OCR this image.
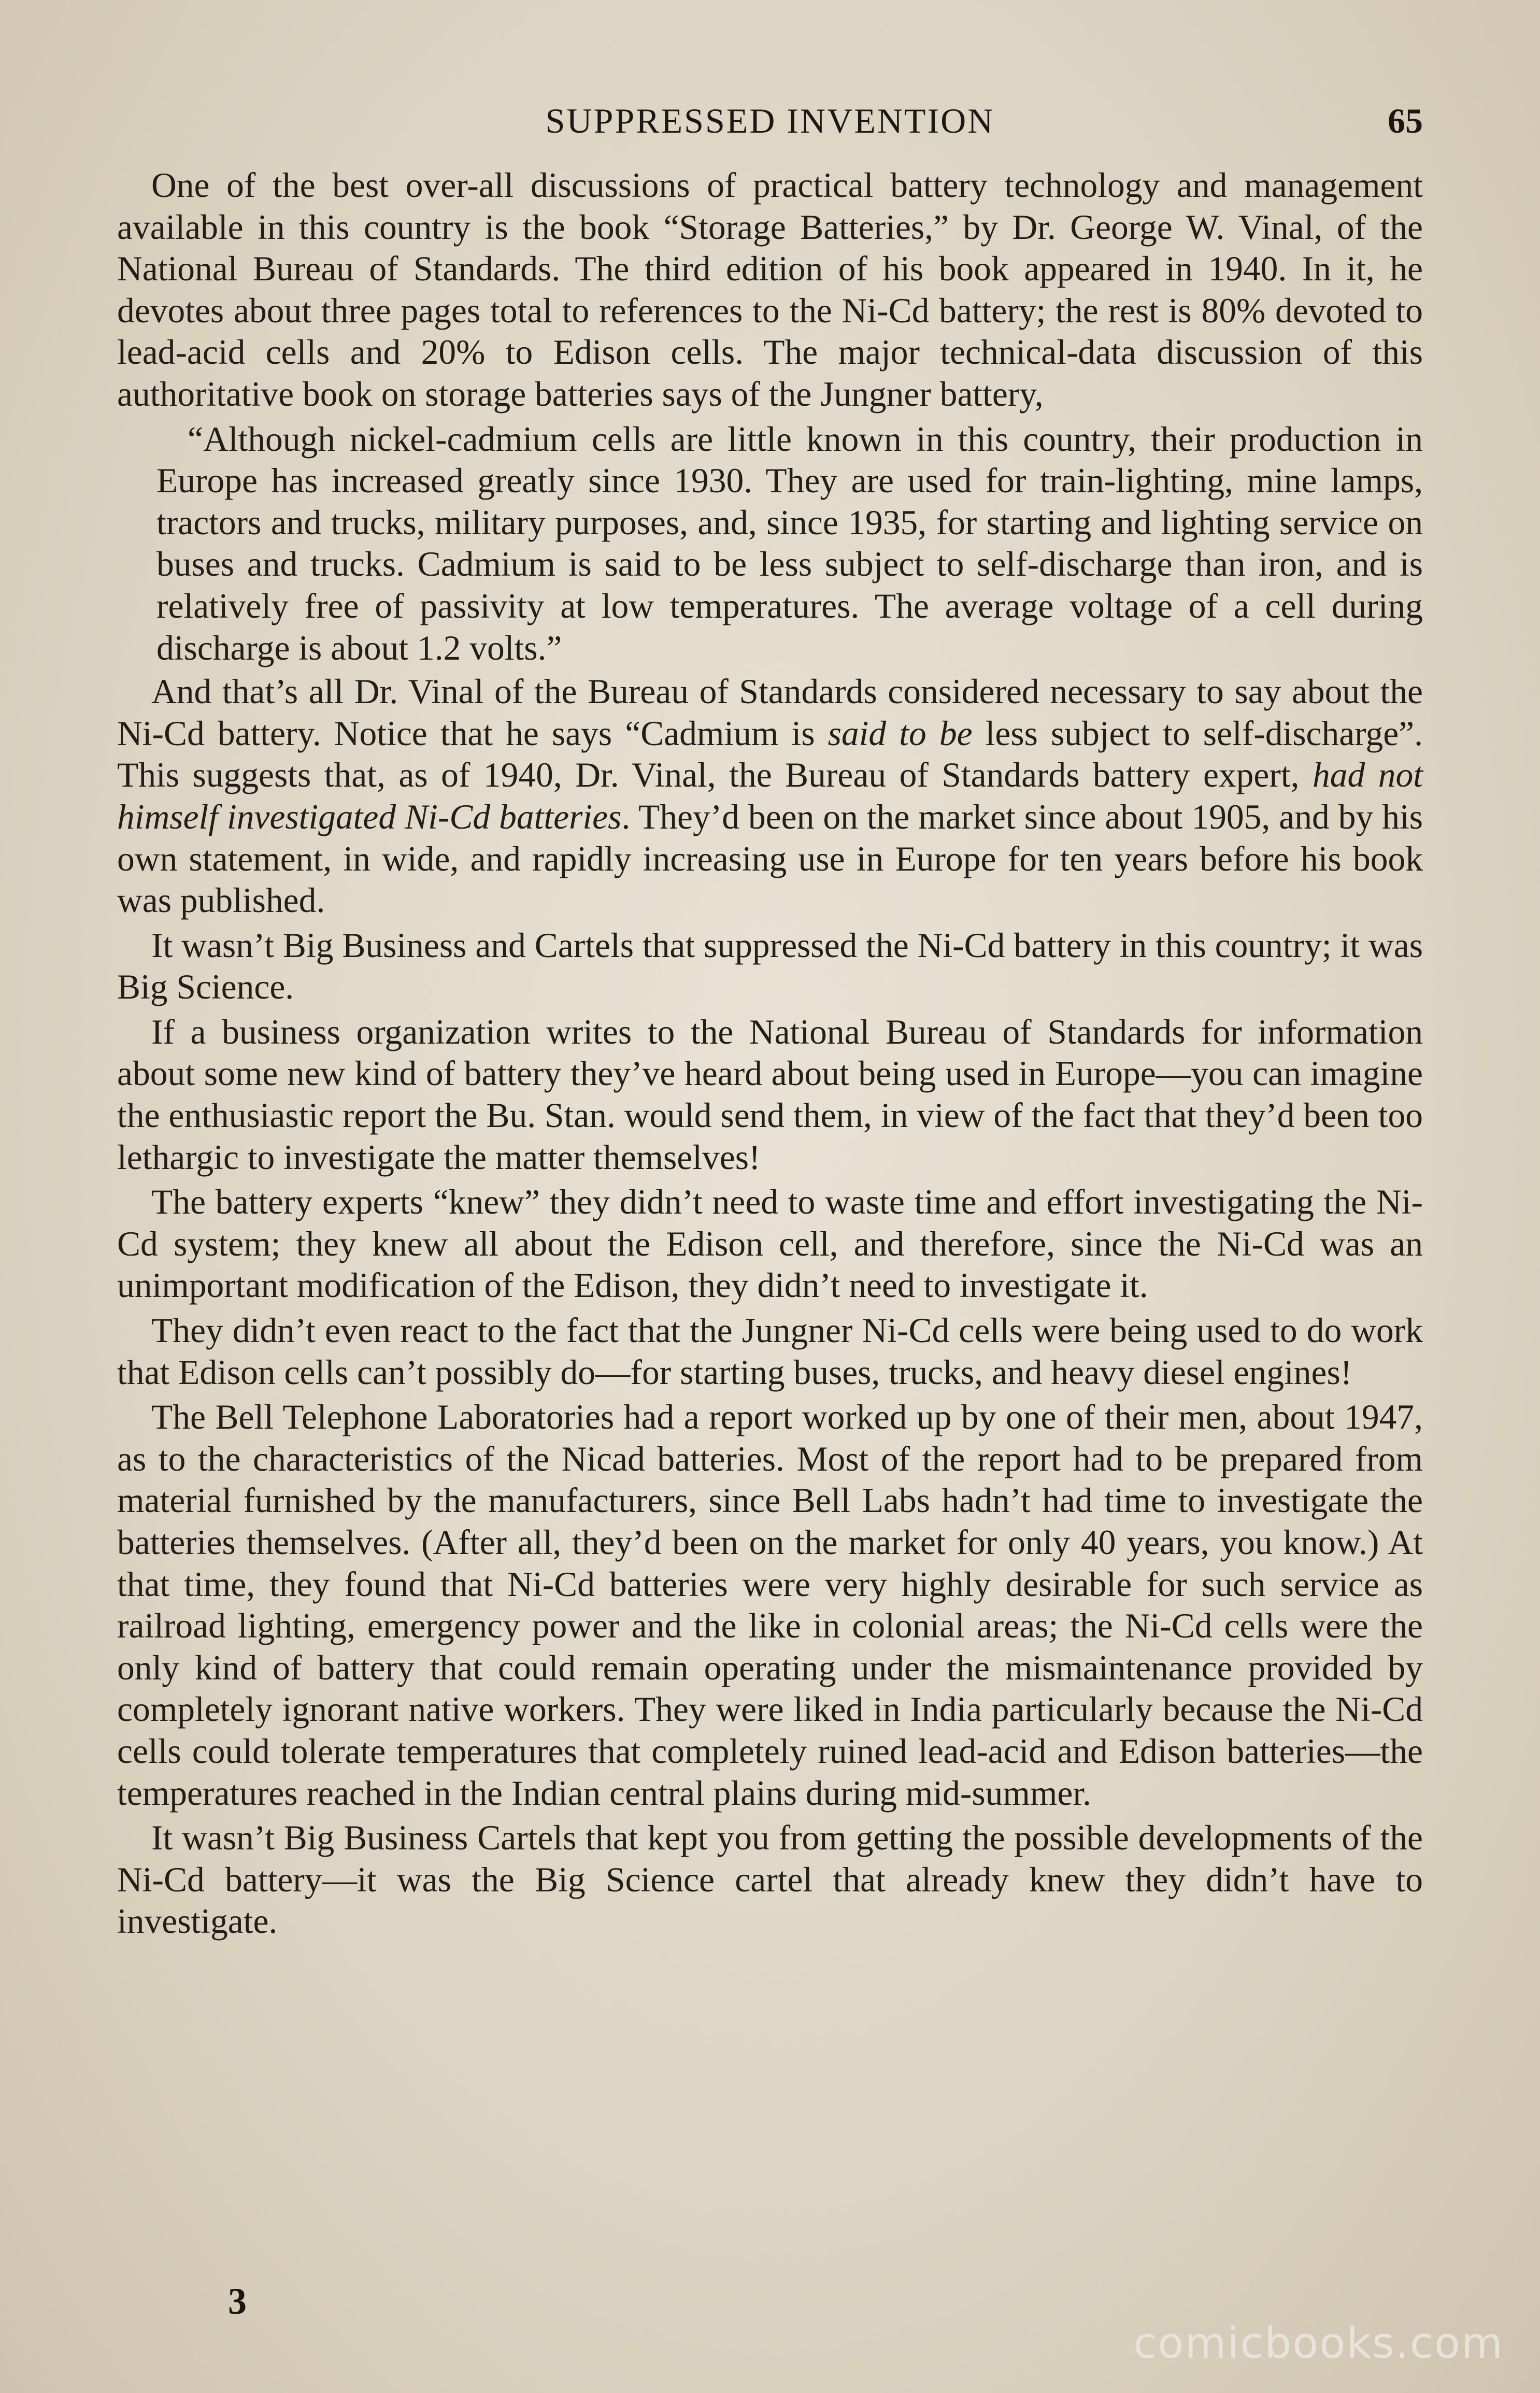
SUPPRESSED INVENTION	65

One of the best over-all discussions of practical battery technology and management available in this country is the book “Storage Batteries,” by Dr. George W. Vinal, of the National Bureau of Standards. The third edition of his book appeared in 1940. In it, he devotes about three pages total to references to the Ni-Cd battery; the rest is 80% devoted to lead-acid cells and 20% to Edison cells. The major technical-data discussion of this authoritative book on storage batteries says of the Jungner battery,

“Although nickel-cadmium cells are little known in this country, their production in Europe has increased greatly since 1930. They are used for train-lighting, mine lamps, tractors and trucks, military purposes, and, since 1935, for starting and lighting service on buses and trucks. Cadmium is said to be less subject to self-discharge than iron, and is relatively free of passivity at low temperatures. The average voltage of a cell during discharge is about 1.2 volts.”

And that’s all Dr. Vinal of the Bureau of Standards considered necessary to say about the Ni-Cd battery. Notice that he says “Cadmium is said to be less subject to self-discharge”. This suggests that, as of 1940, Dr. Vinal, the Bureau of Standards battery expert, had not himself investigated Ni-Cd batteries. They’d been on the market since about 1905, and by his own statement, in wide, and rapidly increasing use in Europe for ten years before his book was published.

It wasn’t Big Business and Cartels that suppressed the Ni-Cd battery in this country; it was Big Science.

If a business organization writes to the National Bureau of Standards for information about some new kind of battery they’ve heard about being used in Europe—you can imagine the enthusiastic report the Bu. Stan. would send them, in view of the fact that they’d been too lethargic to investigate the matter themselves!

The battery experts “knew” they didn’t need to waste time and effort investigating the Ni-Cd system; they knew all about the Edison cell, and therefore, since the Ni-Cd was an unimportant modification of the Edison, they didn’t need to investigate it.

They didn’t even react to the fact that the Jungner Ni-Cd cells were being used to do work that Edison cells can’t possibly do—for starting buses, trucks, and heavy diesel engines!

The Bell Telephone Laboratories had a report worked up by one of their men, about 1947, as to the characteristics of the Nicad batteries. Most of the report had to be prepared from material furnished by the manufacturers, since Bell Labs hadn’t had time to investigate the batteries themselves. (After all, they’d been on the market for only 40 years, you know.) At that time, they found that Ni-Cd batteries were very highly desirable for such service as railroad lighting, emergency power and the like in colonial areas; the Ni-Cd cells were the only kind of battery that could remain operating under the mismaintenance provided by completely ignorant native workers. They were liked in India particularly because the Ni-Cd cells could tolerate temperatures that completely ruined lead-acid and Edison batteries—the temperatures reached in the Indian central plains during mid-summer.

It wasn’t Big Business Cartels that kept you from getting the possible developments of the Ni-Cd battery—it was the Big Science cartel that already knew they didn’t have to investigate.

3
comicbooks.com
